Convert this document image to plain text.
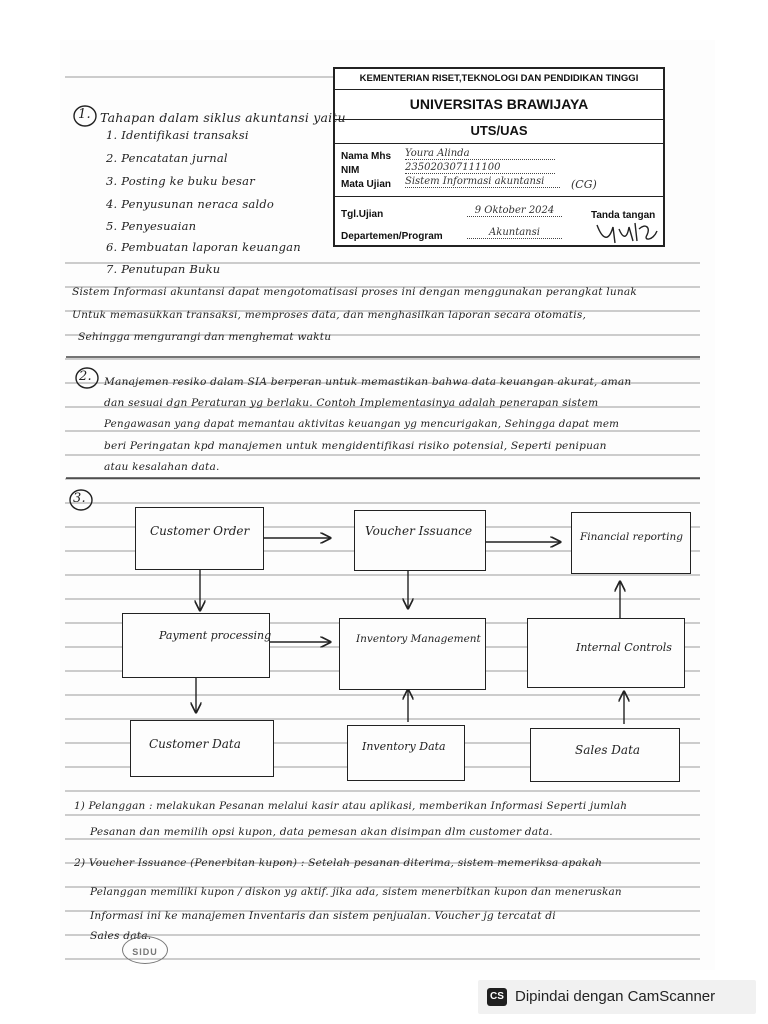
KEMENTERIAN RISET,TEKNOLOGI DAN PENDIDIKAN TINGGI
UNIVERSITAS BRAWIJAYA
UTS/UAS
Nama Mhs Youra Alinda
NIM	235020307111100
Mata Ujian Sistem Informasi akuntansi	(CG)
Tgl.Ujian	9 Oktober 2024	Tanda tangan
Departemen/Program	Akuntansi
1. Tahapan dalam siklus akuntansi yaitu
1. Identifikasi transaksi
2. Pencatatan jurnal
3. Posting ke buku besar
4. Penyusunan neraca saldo
5. Penyesuaian
6. Pembuatan laporan keuangan
7. Penutupan Buku
Sistem Informasi akuntansi dapat mengotomatisasi proses ini dengan menggunakan perangkat lunak
Untuk memasukkan transaksi, memproses data, dan menghasilkan laporan secara otomatis,
Sehingga mengurangi dan menghemat waktu
2. Manajemen resiko dalam SIA berperan untuk memastikan bahwa data keuangan akurat, aman
dan sesuai dgn Peraturan yg berlaku. Contoh Implementasinya adalah penerapan sistem
Pengawasan yang dapat memantau aktivitas keuangan yg mencurigakan, Sehingga dapat mem
beri Peringatan kpd manajemen untuk mengidentifikasi risiko potensial, Seperti penipuan
atau kesalahan data.
3.
Customer Order	Voucher Issuance	Financial reporting
Payment processing	Inventory Management
Internal Controls
Customer Data	Inventory Data	Sales Data
1) Pelanggan : melakukan Pesanan melalui kasir atau aplikasi, memberikan Informasi Seperti jumlah
Pesanan dan memilih opsi kupon, data pemesan akan disimpan dlm customer data.
2) Voucher Issuance (Penerbitan kupon) : Setelah pesanan diterima, sistem memeriksa apakah
Pelanggan memiliki kupon / diskon yg aktif. jika ada, sistem menerbitkan kupon dan meneruskan
Informasi ini ke manajemen Inventaris dan sistem penjualan. Voucher jg tercatat di
Sales data.
SIDU
CS Dipindai dengan CamScanner
